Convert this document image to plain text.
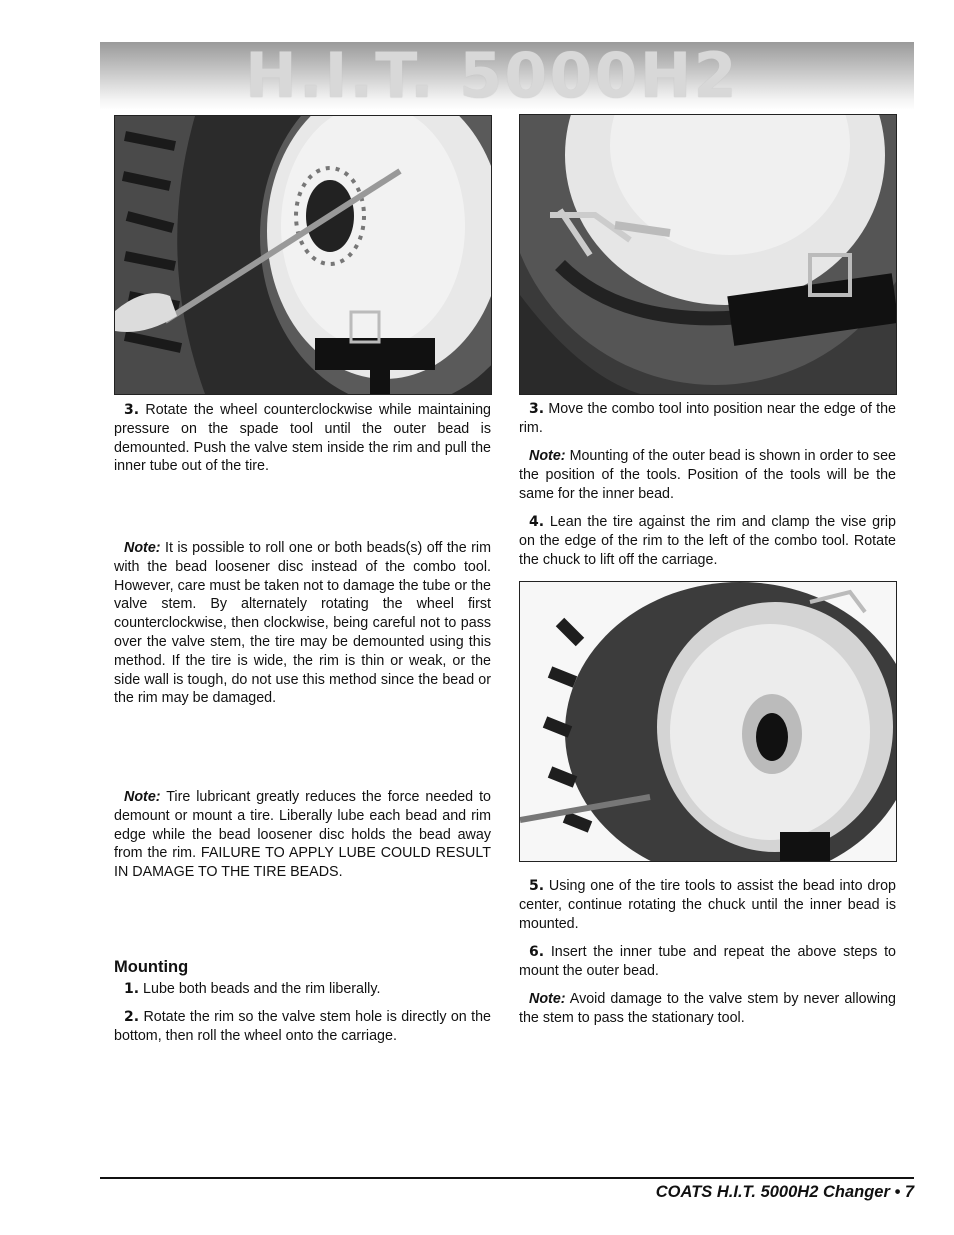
H.I.T. 5000H2

3. Rotate the wheel counterclockwise while maintaining pressure on the spade tool until the outer bead is demounted. Push the valve stem inside the rim and pull the inner tube out of the tire.

Note: It is possible to roll one or both beads(s) off the rim with the bead loosener disc instead of the combo tool. However, care must be taken not to damage the tube or the valve stem. By alternately rotating the wheel first counterclockwise, then clockwise, being careful not to pass over the valve stem, the tire may be demounted using this method. If the tire is wide, the rim is thin or weak, or the side wall is tough, do not use this method since the bead or the rim may be damaged.

Note: Tire lubricant greatly reduces the force needed to demount or mount a tire. Liberally lube each bead and rim edge while the bead loosener disc holds the bead away from the rim. FAILURE TO APPLY LUBE COULD RESULT IN DAMAGE TO THE TIRE BEADS.

Mounting

1. Lube both beads and the rim liberally.

2. Rotate the rim so the valve stem hole is directly on the bottom, then roll the wheel onto the carriage.

3. Move the combo tool into position near the edge of the rim.

Note: Mounting of the outer bead is shown in order to see the position of the tools. Position of the tools will be the same for the inner bead.

4. Lean the tire against the rim and clamp the vise grip on the edge of the rim to the left of the combo tool. Rotate the chuck to lift off the carriage.

5. Using one of the tire tools to assist the bead into drop center, continue rotating the chuck until the inner bead is mounted.

6. Insert the inner tube and repeat the above steps to mount the outer bead.

Note: Avoid damage to the valve stem by never allowing the stem to pass the stationary tool.

COATS H.I.T. 5000H2 Changer • 7
